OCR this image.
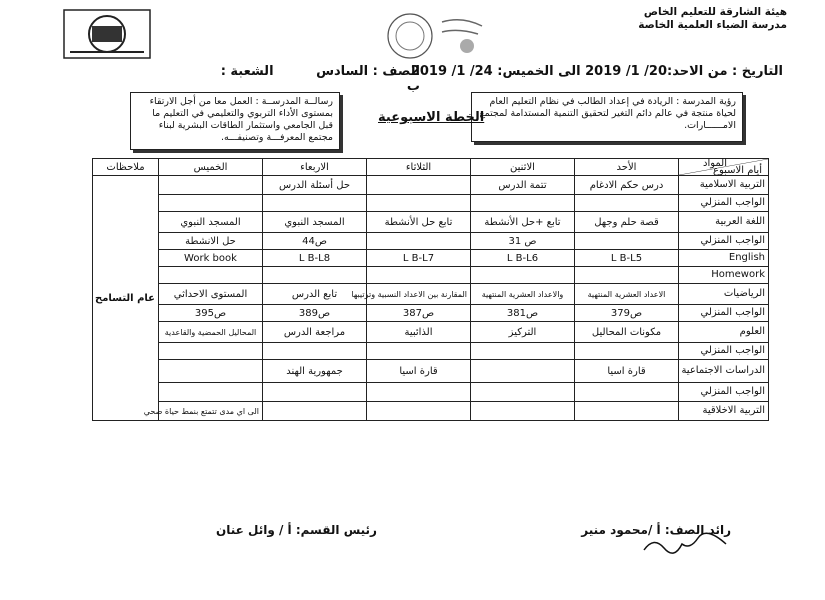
هيئة الشارقة للتعليم الخاص
مدرسة الضياء العلمية الخاصة
التاريخ : من الاحد:20/ 1/ 2019 الى الخميس: 24/ 1/ 2019
الصف : السادس الشعبة : ب
رؤية المدرسة : الريادة في إعداد الطالب في نظام التعليم العام لحياة منتجة في عالم دائم التغير لتحقيق التنمية المستدامة لمجتمع الامــــــارات.
رسالــة المدرســة : العمل معا من أجل الارتقاء بمستوى الأداء التربوي والتعليمي في التعليم ما قبل الجامعي واستثمار الطاقات البشرية لبناء مجتمع المعرفـــة وتصنيفـــه.
الخطة الاسبوعية
أيام الاسبوع
المواد	الأحد	الاثنين	الثلاثاء	الاربعاء	الخميس	ملاحظات
التربية الاسلامية	درس حكم الادغام	تتمة الدرس		حل أسئلة الدرس		عام التسامح
الواجب المنزلي						
اللغة العربية	قصة حلم وجهل	تابع +حل الأنشطة	تابع حل الأنشطة	المسجد النبوي	المسجد النبوي	
الواجب المنزلي		ص 31		ص44	حل الانشطة	
English	L B-L5	L B-L6	L B-L7	L B-L8	Work book	
Homework						
الرياضيات	الاعداد العشرية المنتهية	والاعداد العشرية المنتهية	المقارنة بين الاعداد النسبية وترتيبها	تابع الدرس	المستوى الاحداثي	
الواجب المنزلي	ص379	ص381	ص387	ص389	ص395	
العلوم	مكونات المحاليل	التركيز	الذائبية	مراجعة الدرس	المحاليل الحمضية والقاعدية	
الواجب المنزلي						
الدراسات الاجتماعية	قارة اسيا		قارة اسيا	جمهورية الهند		
الواجب المنزلي						
التربية الاخلاقية					الى اي مدى تتمتع بنمط حياة صحي	
رائد الصف: أ /محمود منير
رئيس القسم: أ / وائل عنان
